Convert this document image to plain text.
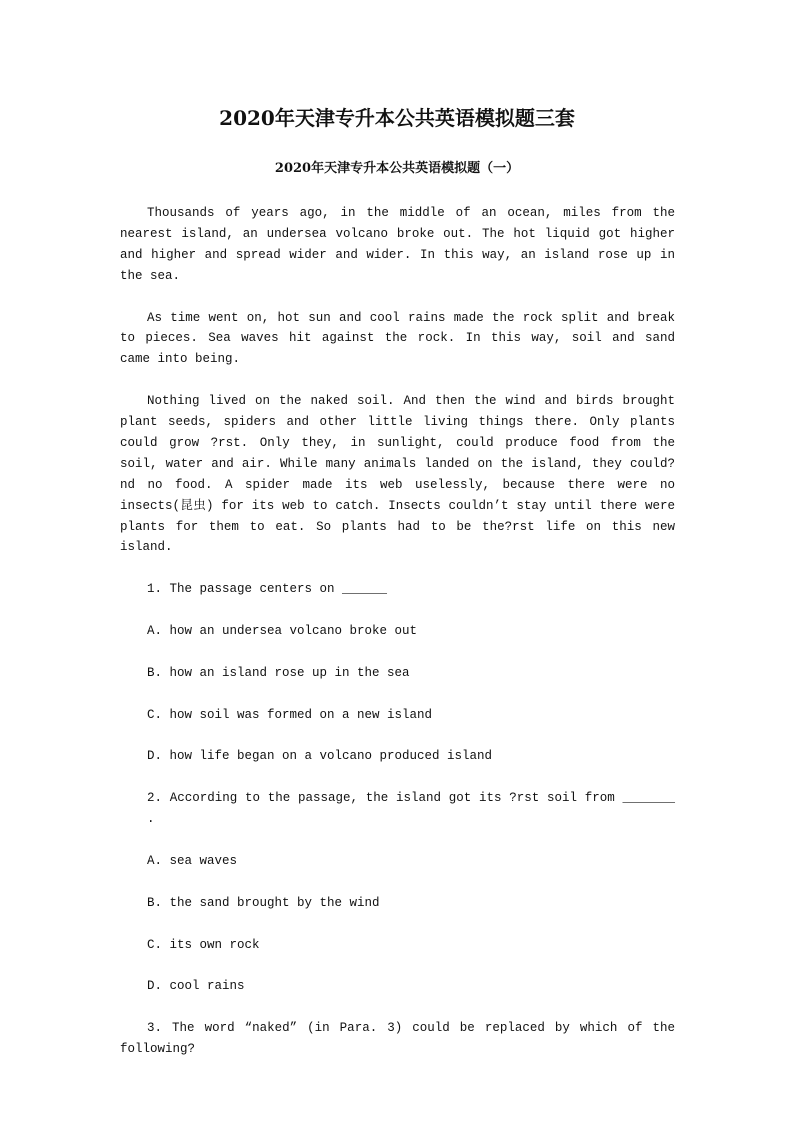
2020年天津专升本公共英语模拟题三套
2020年天津专升本公共英语模拟题（一）

Thousands of years ago, in the middle of an ocean, miles from the nearest island, an undersea volcano broke out. The hot liquid got higher and higher and spread wider and wider. In this way, an island rose up in the sea.

As time went on, hot sun and cool rains made the rock split and break to pieces. Sea waves hit against the rock. In this way, soil and sand came into being.

Nothing lived on the naked soil. And then the wind and birds brought plant seeds, spiders and other little living things there. Only plants could grow ?rst. Only they, in sunlight, could produce food from the soil, water and air. While many animals landed on the island, they could?nd no food. A spider made its web uselessly, because there were no insects(昆虫) for its web to catch. Insects couldn’t stay until there were plants for them to eat. So plants had to be the?rst life on this new island.

1. The passage centers on ______

A. how an undersea volcano broke out

B. how an island rose up in the sea

C. how soil was formed on a new island

D. how life began on a volcano produced island

2. According to the passage, the island got its ?rst soil from _______ .

A. sea waves

B. the sand brought by the wind

C. its own rock

D. cool rains

3. The word “naked” (in Para. 3) could be replaced by which of the following?
